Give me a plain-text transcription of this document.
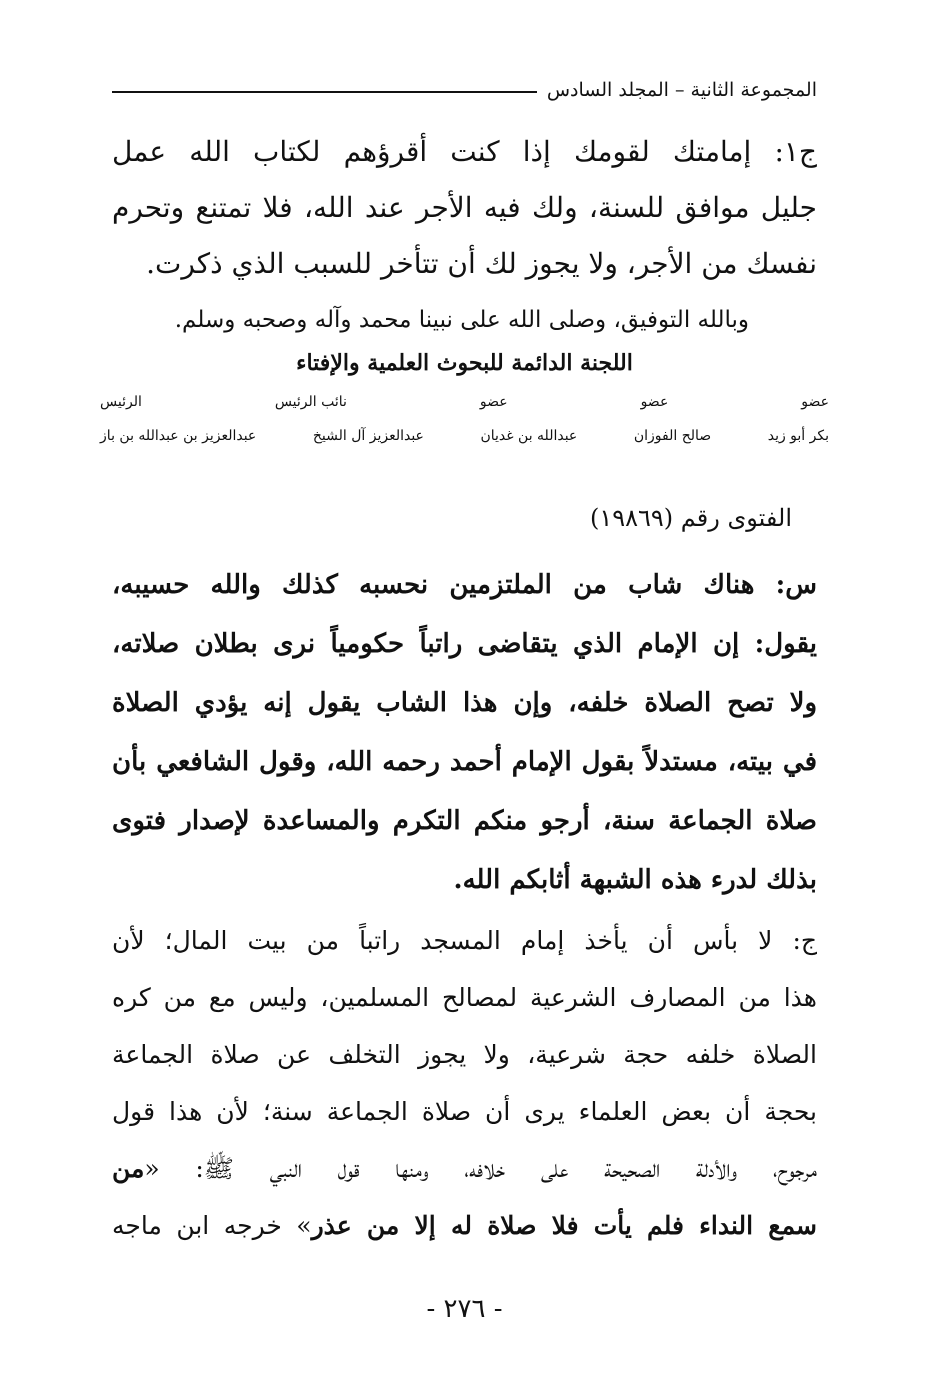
المجموعة الثانية – المجلد السادس
ج١: إمامتك لقومك إذا كنت أقرؤهم لكتاب الله عمل
جليل موافق للسنة، ولك فيه الأجر عند الله، فلا تمتنع وتحرم
نفسك من الأجر، ولا يجوز لك أن تتأخر للسبب الذي ذكرت.
وبالله التوفيق، وصلى الله على نبينا محمد وآله وصحبه وسلم.
اللجنة الدائمة للبحوث العلمية والإفتاء
عضو
عضو
عضو
نائب الرئيس
الرئيس
بكر أبو زيد
صالح الفوزان
عبدالله بن غديان
عبدالعزيز آل الشيخ
عبدالعزيز بن عبدالله بن باز
الفتوى رقم (١٩٨٦٩)
س: هناك شاب من الملتزمين نحسبه كذلك والله حسيبه،
يقول: إن الإمام الذي يتقاضى راتباً حكومياً نرى بطلان صلاته،
ولا تصح الصلاة خلفه، وإن هذا الشاب يقول إنه يؤدي الصلاة
في بيته، مستدلاً بقول الإمام أحمد رحمه الله، وقول الشافعي بأن
صلاة الجماعة سنة، أرجو منكم التكرم والمساعدة لإصدار فتوى
بذلك لدرء هذه الشبهة أثابكم الله.
ج: لا بأس أن يأخذ إمام المسجد راتباً من بيت المال؛ لأن
هذا من المصارف الشرعية لمصالح المسلمين، وليس مع من كره
الصلاة خلفه حجة شرعية، ولا يجوز التخلف عن صلاة الجماعة
بحجة أن بعض العلماء يرى أن صلاة الجماعة سنة؛ لأن هذا قول
مرجوح، والأدلة الصحيحة على خلافه، ومنها قول النبي ﷺ: «من
سمع النداء فلم يأت فلا صلاة له إلا من عذر» خرجه ابن ماجه
- ٢٧٦ -
